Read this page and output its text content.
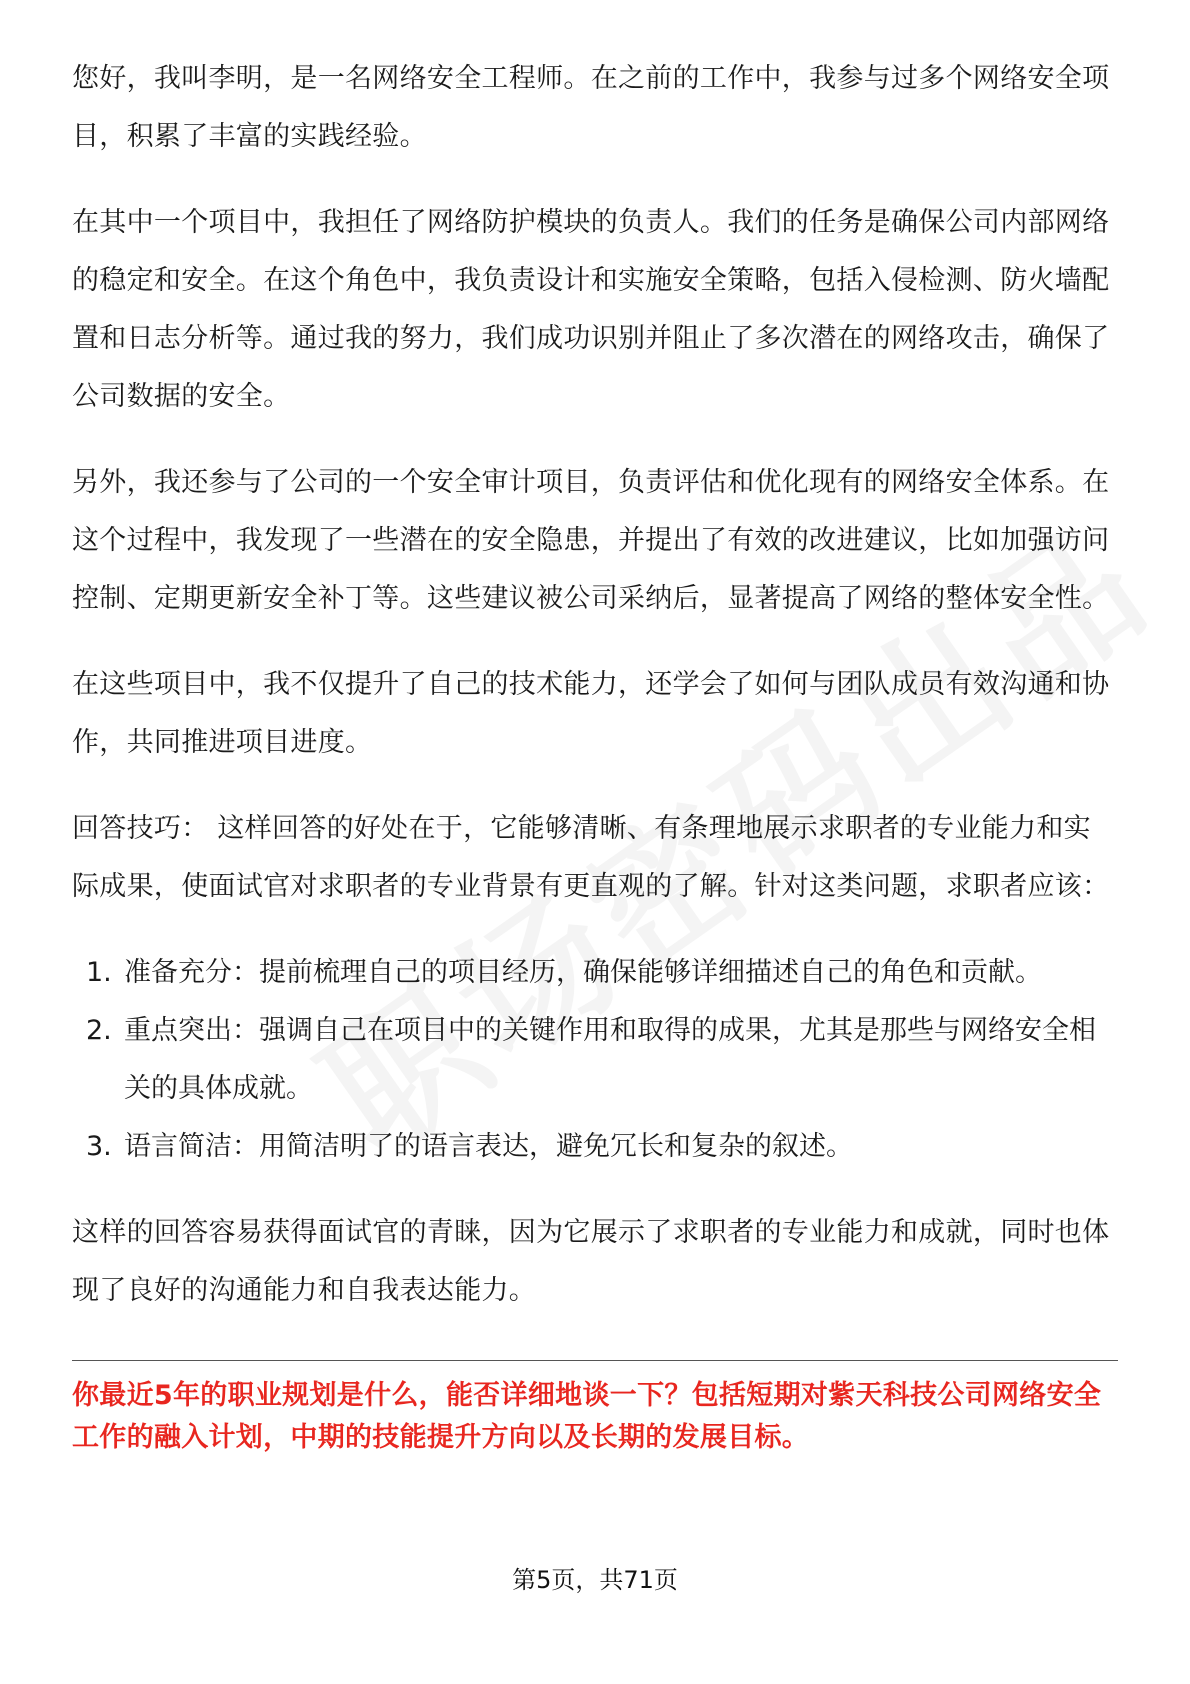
您好，我叫李明，是一名网络安全工程师。在之前的工作中，我参与过多个网络安全项目，积累了丰富的实践经验。

在其中一个项目中，我担任了网络防护模块的负责人。我们的任务是确保公司内部网络的稳定和安全。在这个角色中，我负责设计和实施安全策略，包括入侵检测、防火墙配置和日志分析等。通过我的努力，我们成功识别并阻止了多次潜在的网络攻击，确保了公司数据的安全。

另外，我还参与了公司的一个安全审计项目，负责评估和优化现有的网络安全体系。在这个过程中，我发现了一些潜在的安全隐患，并提出了有效的改进建议，比如加强访问控制、定期更新安全补丁等。这些建议被公司采纳后，显著提高了网络的整体安全性。

在这些项目中，我不仅提升了自己的技术能力，还学会了如何与团队成员有效沟通和协作，共同推进项目进度。

回答技巧： 这样回答的好处在于，它能够清晰、有条理地展示求职者的专业能力和实际成果，使面试官对求职者的专业背景有更直观的了解。针对这类问题，求职者应该：

1. 准备充分：提前梳理自己的项目经历，确保能够详细描述自己的角色和贡献。
2. 重点突出：强调自己在项目中的关键作用和取得的成果，尤其是那些与网络安全相关的具体成就。
3. 语言简洁：用简洁明了的语言表达，避免冗长和复杂的叙述。

这样的回答容易获得面试官的青睐，因为它展示了求职者的专业能力和成就，同时也体现了良好的沟通能力和自我表达能力。

你最近5年的职业规划是什么，能否详细地谈一下？包括短期对紫天科技公司网络安全工作的融入计划，中期的技能提升方向以及长期的发展目标。
第5页，共71页
